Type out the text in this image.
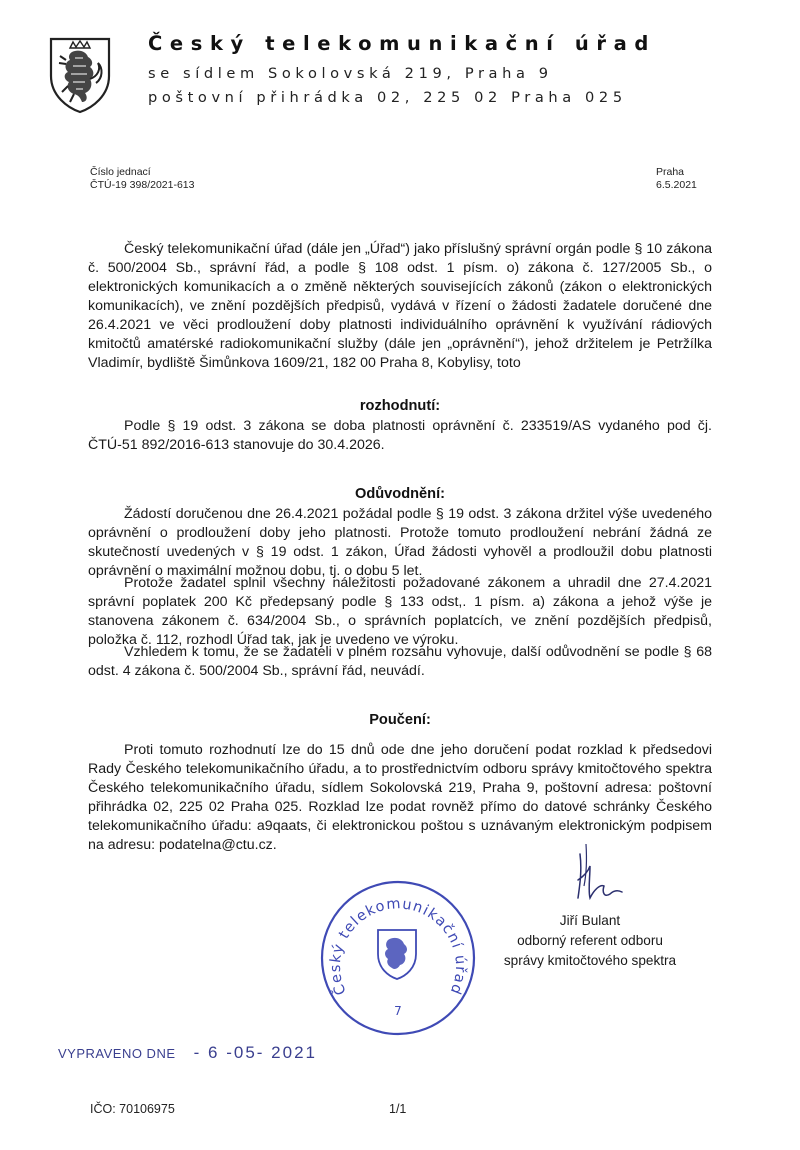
Český telekomunikační úřad
se sídlem Sokolovská 219, Praha 9
poštovní přihrádka 02, 225 02 Praha 025
Číslo jednací
ČTÚ-19 398/2021-613
Praha
6.5.2021
Český telekomunikační úřad (dále jen „Úřad“) jako příslušný správní orgán podle § 10 zákona č. 500/2004 Sb., správní řád, a podle § 108 odst. 1 písm. o) zákona č. 127/2005 Sb., o elektronických komunikacích a o změně některých souvisejících zákonů (zákon o elektronických komunikacích), ve znění pozdějších předpisů, vydává v řízení o žádosti žadatele doručené dne 26.4.2021 ve věci prodloužení doby platnosti individuálního oprávnění k využívání rádiových kmitočtů amatérské radiokomunikační služby (dále jen „oprávnění“), jehož držitelem je Petržílka Vladimír, bydliště Šimůnkova 1609/21, 182 00 Praha 8, Kobylisy, toto
rozhodnutí:
Podle § 19 odst. 3 zákona se doba platnosti oprávnění č. 233519/AS vydaného pod čj. ČTÚ-51 892/2016-613 stanovuje do 30.4.2026.
Odůvodnění:
Žádostí doručenou dne 26.4.2021 požádal podle § 19 odst. 3 zákona držitel výše uvedeného oprávnění o prodloužení doby jeho platnosti. Protože tomuto prodloužení nebrání žádná ze skutečností uvedených v § 19 odst. 1 zákon, Úřad žádosti vyhověl a prodloužil dobu platnosti oprávnění o maximální možnou dobu, tj. o dobu 5 let.
Protože žadatel splnil všechny náležitosti požadované zákonem a uhradil dne 27.4.2021 správní poplatek 200 Kč předepsaný podle § 133 odst,. 1 písm. a) zákona a jehož výše je stanovena zákonem č. 634/2004 Sb., o správních poplatcích, ve znění pozdějších předpisů, položka č. 112, rozhodl Úřad tak, jak je uvedeno ve výroku.
Vzhledem k tomu, že se žadateli v plném rozsahu vyhovuje, další odůvodnění se podle § 68 odst. 4 zákona č. 500/2004 Sb., správní řád, neuvádí.
Poučení:
Proti tomuto rozhodnutí lze do 15 dnů ode dne jeho doručení podat rozklad k předsedovi Rady Českého telekomunikačního úřadu, a to prostřednictvím odboru správy kmitočtového spektra Českého telekomunikačního úřadu, sídlem Sokolovská 219, Praha 9, poštovní adresa: poštovní přihrádka 02, 225 02 Praha 025. Rozklad lze podat rovněž přímo do datové schránky Českého telekomunikačního úřadu: a9qaats, či elektronickou poštou s uznávaným elektronickým podpisem na adresu: podatelna@ctu.cz.
Český telekomunikační úřad
7
Jiří Bulant
odborný referent odboru
správy kmitočtového spektra
VYPRAVENO DNE - 6 -05- 2021
IČO: 70106975	1/1
